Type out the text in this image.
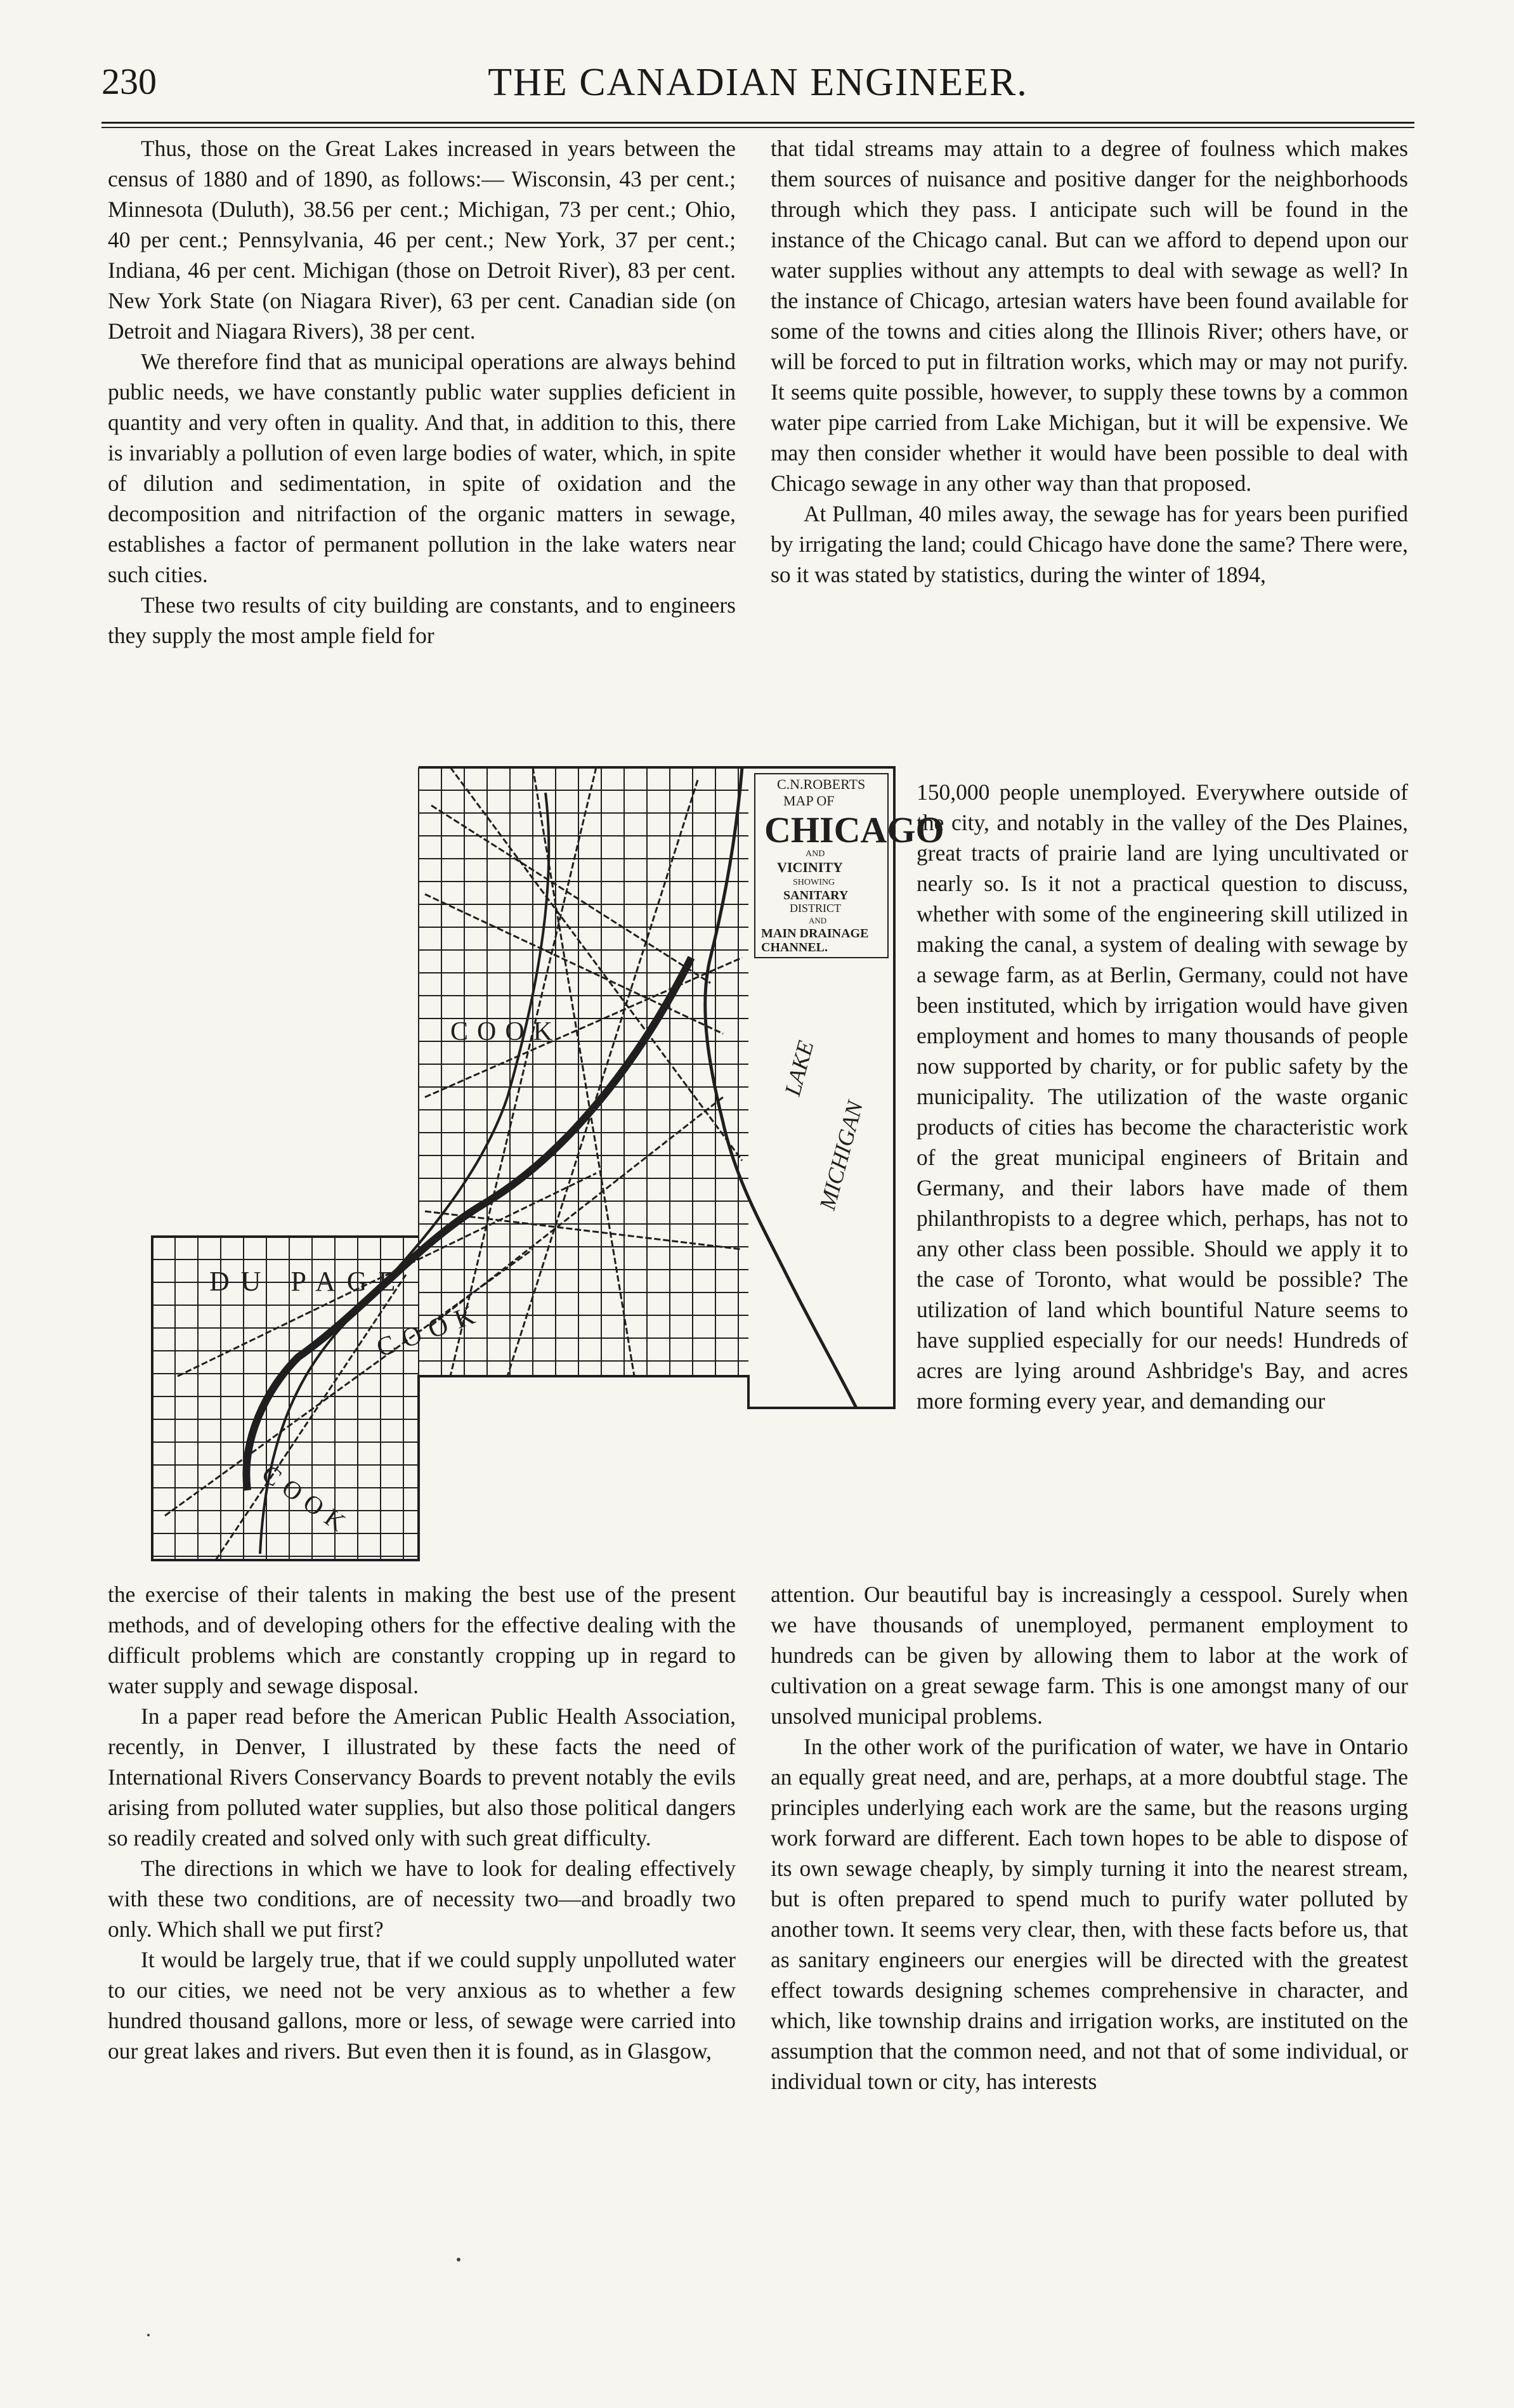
230	THE CANADIAN ENGINEER.

Thus, those on the Great Lakes increased in years between the census of 1880 and of 1890, as follows:— Wisconsin, 43 per cent.; Minnesota (Duluth), 38.56 per cent.; Michigan, 73 per cent.; Ohio, 40 per cent.; Pennsylvania, 46 per cent.; New York, 37 per cent.; Indiana, 46 per cent. Michigan (those on Detroit River), 83 per cent. New York State (on Niagara River), 63 per cent. Canadian side (on Detroit and Niagara Rivers), 38 per cent.

We therefore find that as municipal operations are always behind public needs, we have constantly public water supplies deficient in quantity and very often in quality. And that, in addition to this, there is invariably a pollution of even large bodies of water, which, in spite of dilution and sedimentation, in spite of oxidation and the decomposition and nitrifaction of the organic matters in sewage, establishes a factor of permanent pollution in the lake waters near such cities.

These two results of city building are constants, and to engineers they supply the most ample field for

that tidal streams may attain to a degree of foulness which makes them sources of nuisance and positive danger for the neighborhoods through which they pass. I anticipate such will be found in the instance of the Chicago canal. But can we afford to depend upon our water supplies without any attempts to deal with sewage as well? In the instance of Chicago, artesian waters have been found available for some of the towns and cities along the Illinois River; others have, or will be forced to put in filtration works, which may or may not purify. It seems quite possible, however, to supply these towns by a common water pipe carried from Lake Michigan, but it will be expensive. We may then consider whether it would have been possible to deal with Chicago sewage in any other way than that proposed.

At Pullman, 40 miles away, the sewage has for years been purified by irrigating the land; could Chicago have done the same? There were, so it was stated by statistics, during the winter of 1894,

150,000 people unemployed. Everywhere outside of the city, and notably in the valley of the Des Plaines, great tracts of prairie land are lying uncultivated or nearly so. Is it not a practical question to discuss, whether with some of the engineering skill utilized in making the canal, a system of dealing with sewage by a sewage farm, as at Berlin, Germany, could not have been instituted, which by irrigation would have given employment and homes to many thousands of people now supported by charity, or for public safety by the municipality. The utilization of the waste organic products of cities has become the characteristic work of the great municipal engineers of Britain and Germany, and their labors have made of them philanthropists to a degree which, perhaps, has not to any other class been possible. Should we apply it to the case of Toronto, what would be possible? The utilization of land which bountiful Nature seems to have supplied especially for our needs! Hundreds of acres are lying around Ashbridge's Bay, and acres more forming every year, and demanding our

C.N.ROBERTS
MAP OF
CHICAGO
AND
VICINITY
SHOWING
SANITARY
DISTRICT
AND
MAIN DRAINAGE
CHANNEL.
DU PAGE
COOK
COOK
COOK
LAKE
MICHIGAN

the exercise of their talents in making the best use of the present methods, and of developing others for the effective dealing with the difficult problems which are constantly cropping up in regard to water supply and sewage disposal.

In a paper read before the American Public Health Association, recently, in Denver, I illustrated by these facts the need of International Rivers Conservancy Boards to prevent notably the evils arising from polluted water supplies, but also those political dangers so readily created and solved only with such great difficulty.

The directions in which we have to look for dealing effectively with these two conditions, are of necessity two—and broadly two only. Which shall we put first?

It would be largely true, that if we could supply unpolluted water to our cities, we need not be very anxious as to whether a few hundred thousand gallons, more or less, of sewage were carried into our great lakes and rivers. But even then it is found, as in Glasgow,

attention. Our beautiful bay is increasingly a cesspool. Surely when we have thousands of unemployed, permanent employment to hundreds can be given by allowing them to labor at the work of cultivation on a great sewage farm. This is one amongst many of our unsolved municipal problems.

In the other work of the purification of water, we have in Ontario an equally great need, and are, perhaps, at a more doubtful stage. The principles underlying each work are the same, but the reasons urging work forward are different. Each town hopes to be able to dispose of its own sewage cheaply, by simply turning it into the nearest stream, but is often prepared to spend much to purify water polluted by another town. It seems very clear, then, with these facts before us, that as sanitary engineers our energies will be directed with the greatest effect towards designing schemes comprehensive in character, and which, like township drains and irrigation works, are instituted on the assumption that the common need, and not that of some individual, or individual town or city, has interests
